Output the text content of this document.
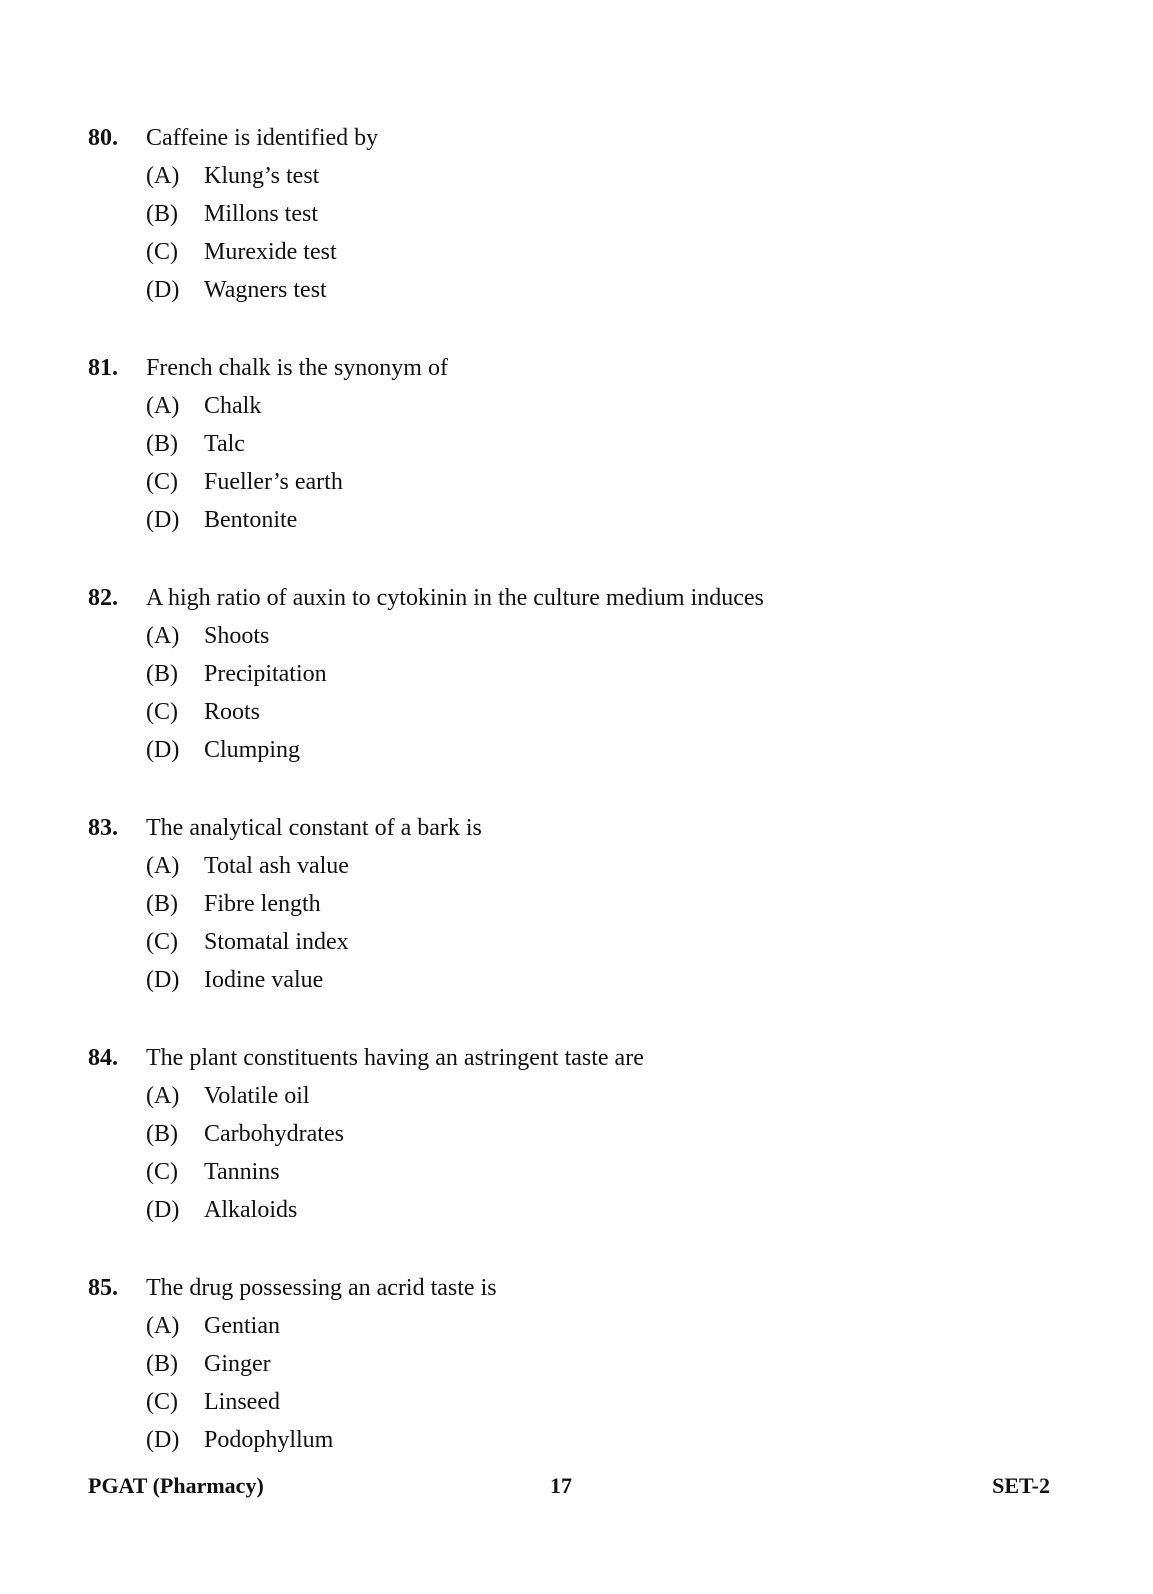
80. Caffeine is identified by
(A) Klung’s test
(B) Millons test
(C) Murexide test
(D) Wagners test
81. French chalk is the synonym of
(A) Chalk
(B) Talc
(C) Fueller’s earth
(D) Bentonite
82. A high ratio of auxin to cytokinin in the culture medium induces
(A) Shoots
(B) Precipitation
(C) Roots
(D) Clumping
83. The analytical constant of a bark is
(A) Total ash value
(B) Fibre length
(C) Stomatal index
(D) Iodine value
84. The plant constituents having an astringent taste are
(A) Volatile oil
(B) Carbohydrates
(C) Tannins
(D) Alkaloids
85. The drug possessing an acrid taste is
(A) Gentian
(B) Ginger
(C) Linseed
(D) Podophyllum
PGAT (Pharmacy)	17	SET-2
